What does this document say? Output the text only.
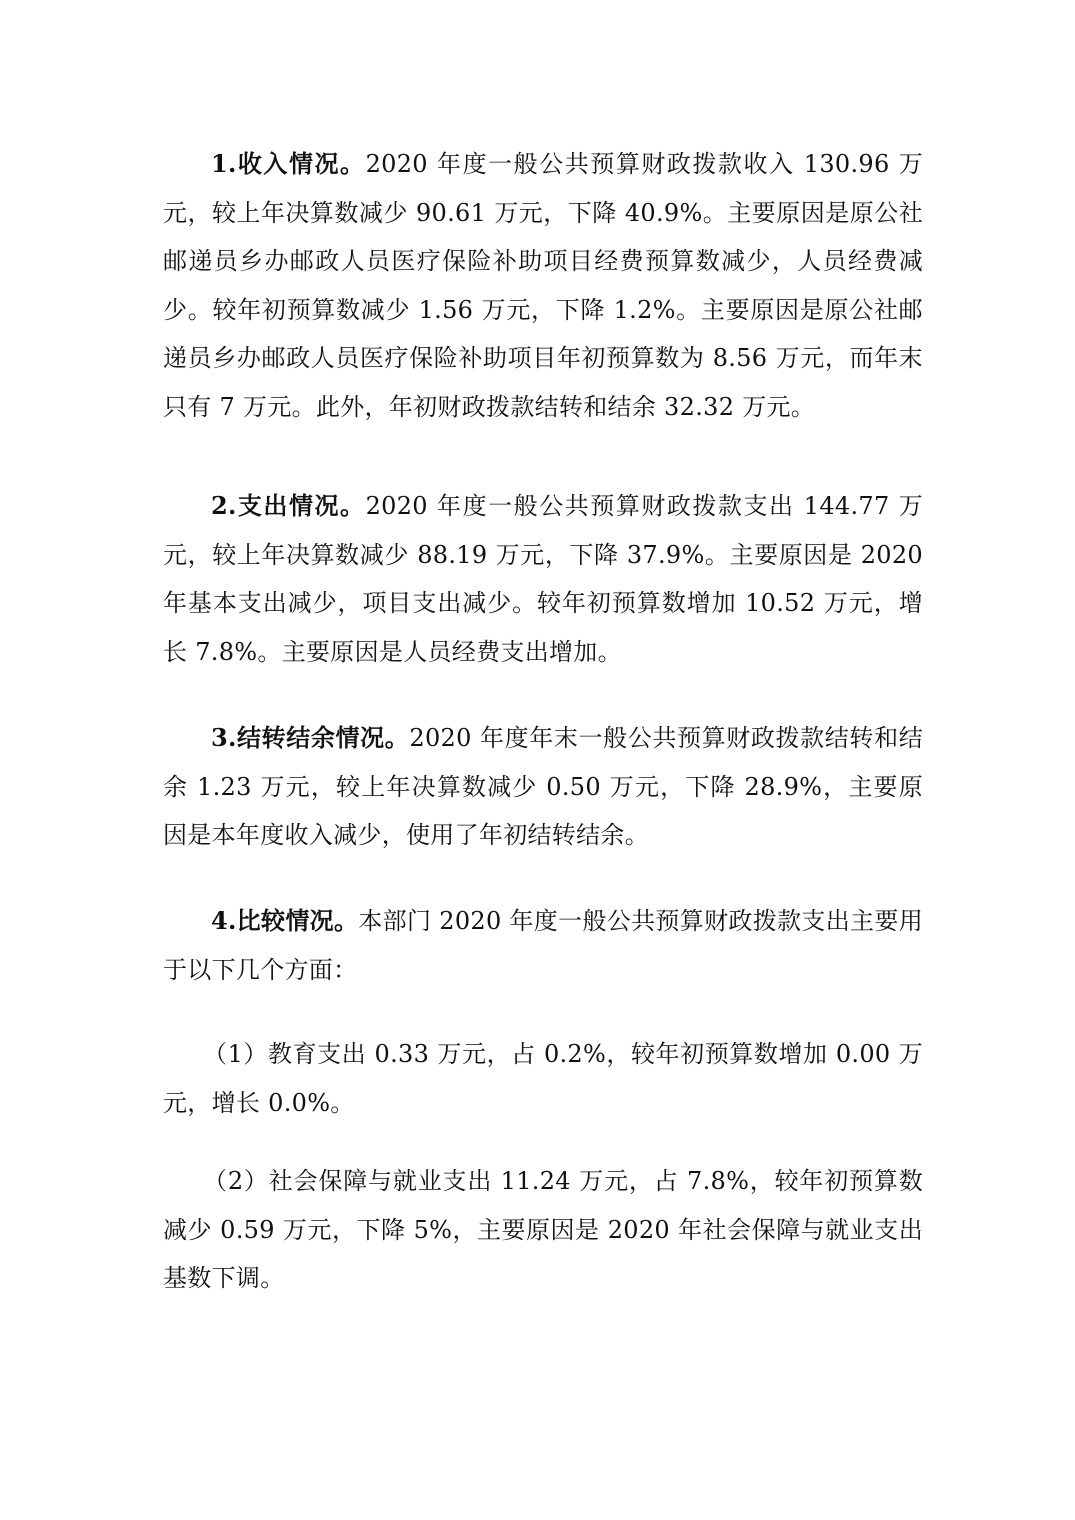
1.收入情况。2020 年度一般公共预算财政拨款收入 130.96 万元，较上年决算数减少 90.61 万元，下降 40.9%。主要原因是原公社邮递员乡办邮政人员医疗保险补助项目经费预算数减少，人员经费减少。较年初预算数减少 1.56 万元，下降 1.2%。主要原因是原公社邮递员乡办邮政人员医疗保险补助项目年初预算数为 8.56 万元，而年末只有 7 万元。此外，年初财政拨款结转和结余 32.32 万元。

2.支出情况。2020 年度一般公共预算财政拨款支出 144.77 万元，较上年决算数减少 88.19 万元，下降 37.9%。主要原因是 2020 年基本支出减少，项目支出减少。较年初预算数增加 10.52 万元，增长 7.8%。主要原因是人员经费支出增加。

3.结转结余情况。2020 年度年末一般公共预算财政拨款结转和结余 1.23 万元，较上年决算数减少 0.50 万元，下降 28.9%，主要原因是本年度收入减少，使用了年初结转结余。

4.比较情况。本部门 2020 年度一般公共预算财政拨款支出主要用于以下几个方面：

（1）教育支出 0.33 万元，占 0.2%，较年初预算数增加 0.00 万 元，增长 0.0%。

（2）社会保障与就业支出 11.24 万元，占 7.8%，较年初预算数减少 0.59 万元，下降 5%，主要原因是 2020 年社会保障与就业支出基数下调。
